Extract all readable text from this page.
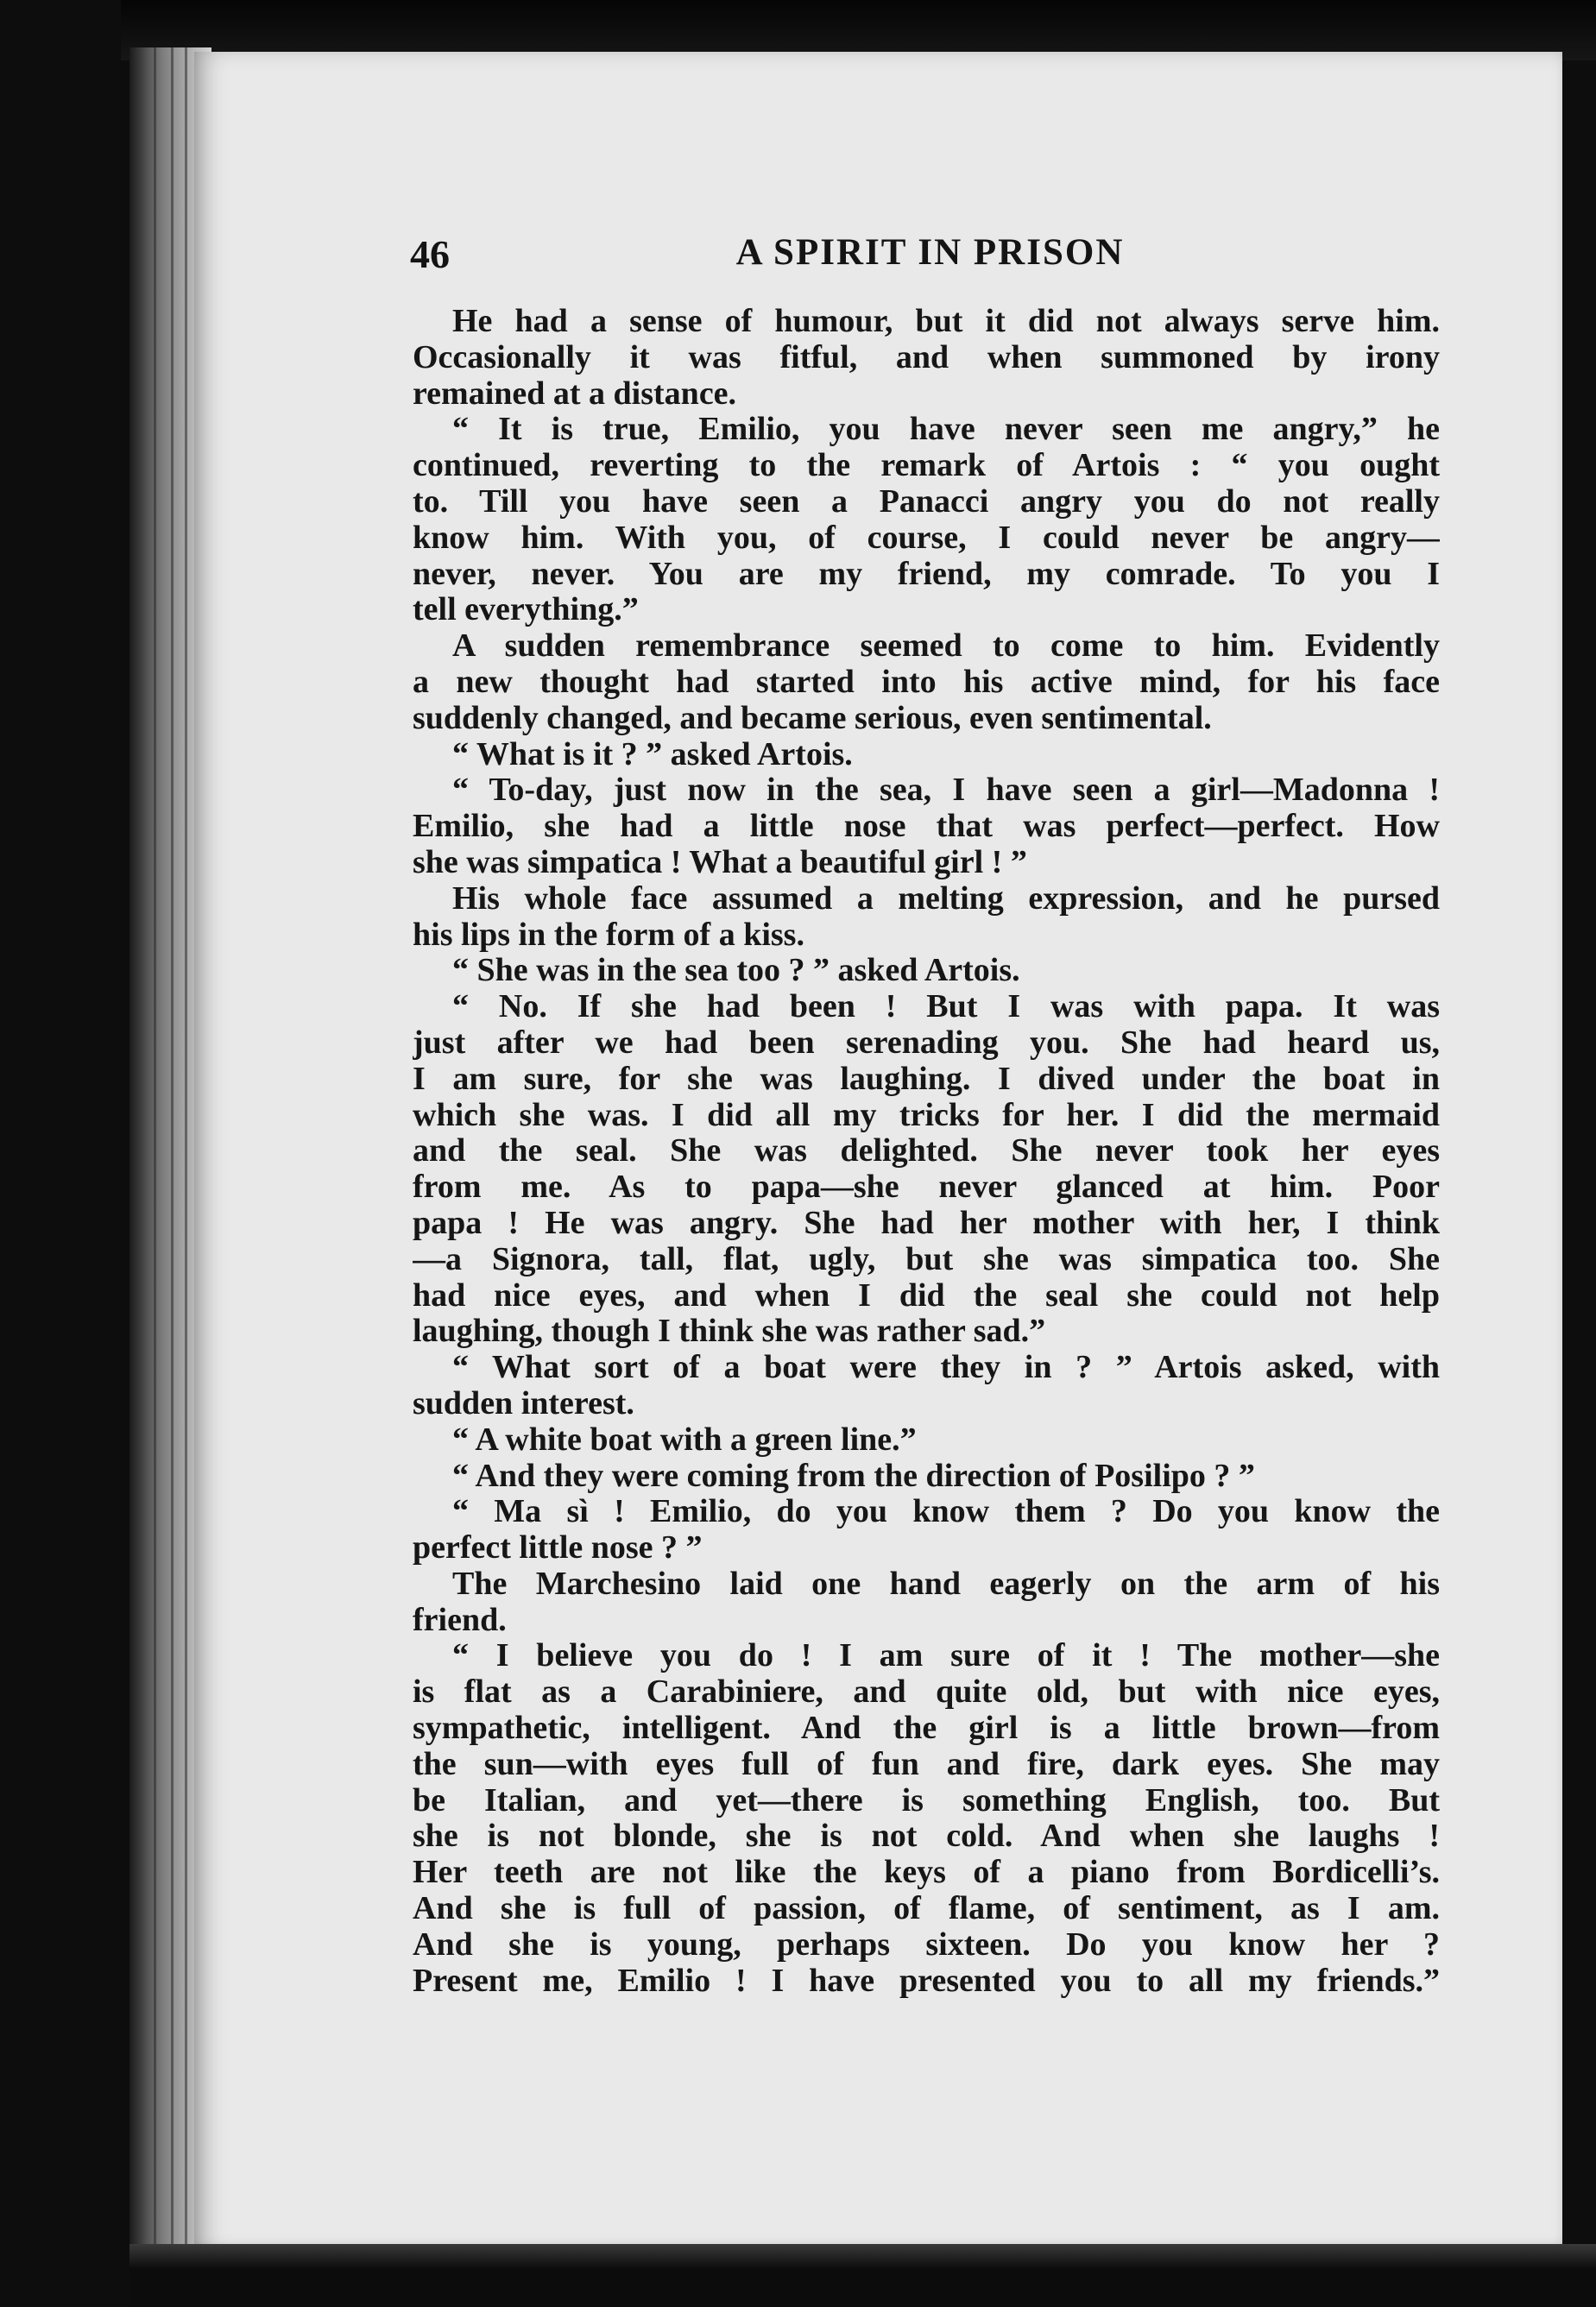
46	A SPIRIT IN PRISON
He had a sense of humour, but it did not always serve him.
Occasionally it was fitful, and when summoned by irony
remained at a distance.
“ It is true, Emilio, you have never seen me angry,” he
continued, reverting to the remark of Artois : “ you ought
to. Till you have seen a Panacci angry you do not really
know him. With you, of course, I could never be angry—
never, never. You are my friend, my comrade. To you I
tell everything.”
A sudden remembrance seemed to come to him. Evidently
a new thought had started into his active mind, for his face
suddenly changed, and became serious, even sentimental.
“ What is it ? ” asked Artois.
“ To-day, just now in the sea, I have seen a girl—Madonna !
Emilio, she had a little nose that was perfect—perfect. How
she was simpatica ! What a beautiful girl ! ”
His whole face assumed a melting expression, and he pursed
his lips in the form of a kiss.
“ She was in the sea too ? ” asked Artois.
“ No. If she had been ! But I was with papa. It was
just after we had been serenading you. She had heard us,
I am sure, for she was laughing. I dived under the boat in
which she was. I did all my tricks for her. I did the mermaid
and the seal. She was delighted. She never took her eyes
from me. As to papa—she never glanced at him. Poor
papa ! He was angry. She had her mother with her, I think
—a Signora, tall, flat, ugly, but she was simpatica too. She
had nice eyes, and when I did the seal she could not help
laughing, though I think she was rather sad.”
“ What sort of a boat were they in ? ” Artois asked, with
sudden interest.
“ A white boat with a green line.”
“ And they were coming from the direction of Posilipo ? ”
“ Ma sì ! Emilio, do you know them ? Do you know the
perfect little nose ? ”
The Marchesino laid one hand eagerly on the arm of his
friend.
“ I believe you do ! I am sure of it ! The mother—she
is flat as a Carabiniere, and quite old, but with nice eyes,
sympathetic, intelligent. And the girl is a little brown—from
the sun—with eyes full of fun and fire, dark eyes. She may
be Italian, and yet—there is something English, too. But
she is not blonde, she is not cold. And when she laughs !
Her teeth are not like the keys of a piano from Bordicelli’s.
And she is full of passion, of flame, of sentiment, as I am.
And she is young, perhaps sixteen. Do you know her ?
Present me, Emilio ! I have presented you to all my friends.”
